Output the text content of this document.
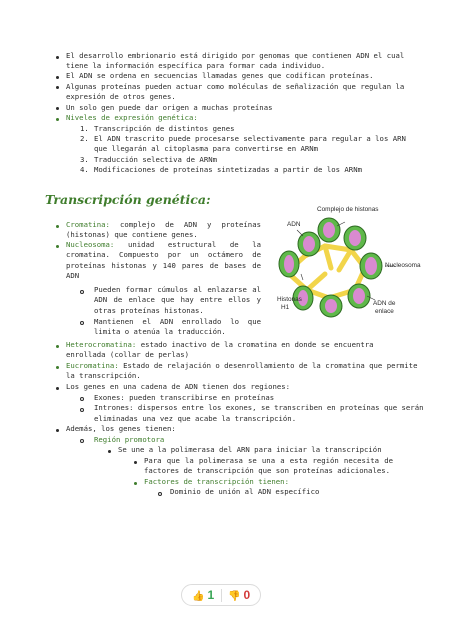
El desarrollo embrionario está dirigido por genomas que contienen ADN el cual
tiene la información específica para formar cada individuo.
El ADN se ordena en secuencias llamadas genes que codifican proteínas.
Algunas proteínas pueden actuar como moléculas de señalización que regulan la
expresión de otros genes.
Un solo gen puede dar origen a muchas proteínas
Niveles de expresión genética:
1. Transcripción de distintos genes
2. El ADN trascrito puede procesarse selectivamente para regular a los ARN
que llegarán al citoplasma para convertirse en ARNm
3. Traducción selectiva de ARNm
4. Modificaciones de proteínas sintetizadas a partir de los ARNm
Transcripción genética:
Cromatina: complejo de ADN y proteínas (histonas) que contiene genes.
Nucleosoma: unidad estructural de la cromatina. Compuesto por un octámero de proteínas histonas y 140 pares de bases de ADN
Pueden formar cúmulos al enlazarse al ADN de enlace que hay entre ellos y otras proteínas histonas.
Mantienen el ADN enrollado lo que limita o atenúa la traducción.
Complejo de histonas
ADN
Nucleosoma
Histonas
H1
ADN de
enlace
Heterocromatina: estado inactivo de la cromatina en donde se encuentra
enrollada (collar de perlas)
Eucromatina: Estado de relajación o desenrollamiento de la cromatina que permite
la transcripción.
Los genes en una cadena de ADN tienen dos regiones:
Exones: pueden transcribirse en proteínas
Intrones: dispersos entre los exones, se transcriben en proteínas que serán
eliminadas una vez que acabe la transcripción.
Además, los genes tienen:
Región promotora
Se une a la polimerasa del ARN para iniciar la transcripción
Para que la polimerasa se una a esta región necesita de
factores de transcripción que son proteínas adicionales.
Factores de transcripción tienen:
Dominio de unión al ADN específico
👍 1 👎 0
